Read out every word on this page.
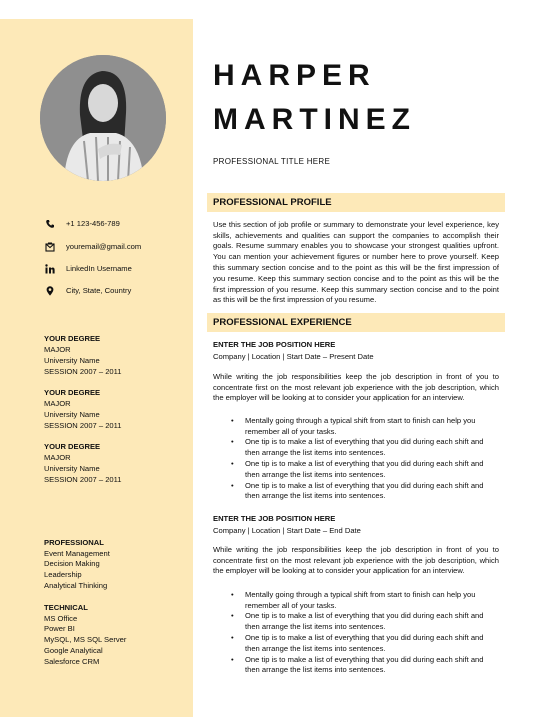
+1 123-456-789
youremail@gmail.com
LinkedIn Username
City, State, Country
YOUR DEGREE
MAJOR
University Name
SESSION 2007 – 2011
YOUR DEGREE
MAJOR
University Name
SESSION 2007 – 2011
YOUR DEGREE
MAJOR
University Name
SESSION 2007 – 2011
PROFESSIONAL
Event Management
Decision Making
Leadership
Analytical Thinking
TECHNICAL
MS Office
Power BI
MySQL, MS SQL Server
Google Analytical
Salesforce CRM
HARPER
MARTINEZ
PROFESSIONAL TITLE HERE
PROFESSIONAL PROFILE
Use this section of job profile or summary to demonstrate your level experience, key skills, achievements and qualities can support the companies to accomplish their goals. Resume summary enables you to showcase your strongest qualities upfront. You can mention your achievement figures or number here to prove yourself. Keep this summary section concise and to the point as this will be the first impression of you resume. Keep this summary section concise and to the point as this will be the first impression of you resume. Keep this summary section concise and to the point as this will be the first impression of you resume.
PROFESSIONAL EXPERIENCE
ENTER THE JOB POSITION HERE
Company | Location | Start Date – Present Date
While writing the job responsibilities keep the job description in front of you to concentrate first on the most relevant job experience with the job description, which the employer will be looking at to consider your application for an interview.
• Mentally going through a typical shift from start to finish can help you remember all of your tasks.
• One tip is to make a list of everything that you did during each shift and then arrange the list items into sentences.
• One tip is to make a list of everything that you did during each shift and then arrange the list items into sentences.
• One tip is to make a list of everything that you did during each shift and then arrange the list items into sentences.
ENTER THE JOB POSITION HERE
Company | Location | Start Date – End Date
While writing the job responsibilities keep the job description in front of you to concentrate first on the most relevant job experience with the job description, which the employer will be looking at to consider your application for an interview.
• Mentally going through a typical shift from start to finish can help you remember all of your tasks.
• One tip is to make a list of everything that you did during each shift and then arrange the list items into sentences.
• One tip is to make a list of everything that you did during each shift and then arrange the list items into sentences.
• One tip is to make a list of everything that you did during each shift and then arrange the list items into sentences.
